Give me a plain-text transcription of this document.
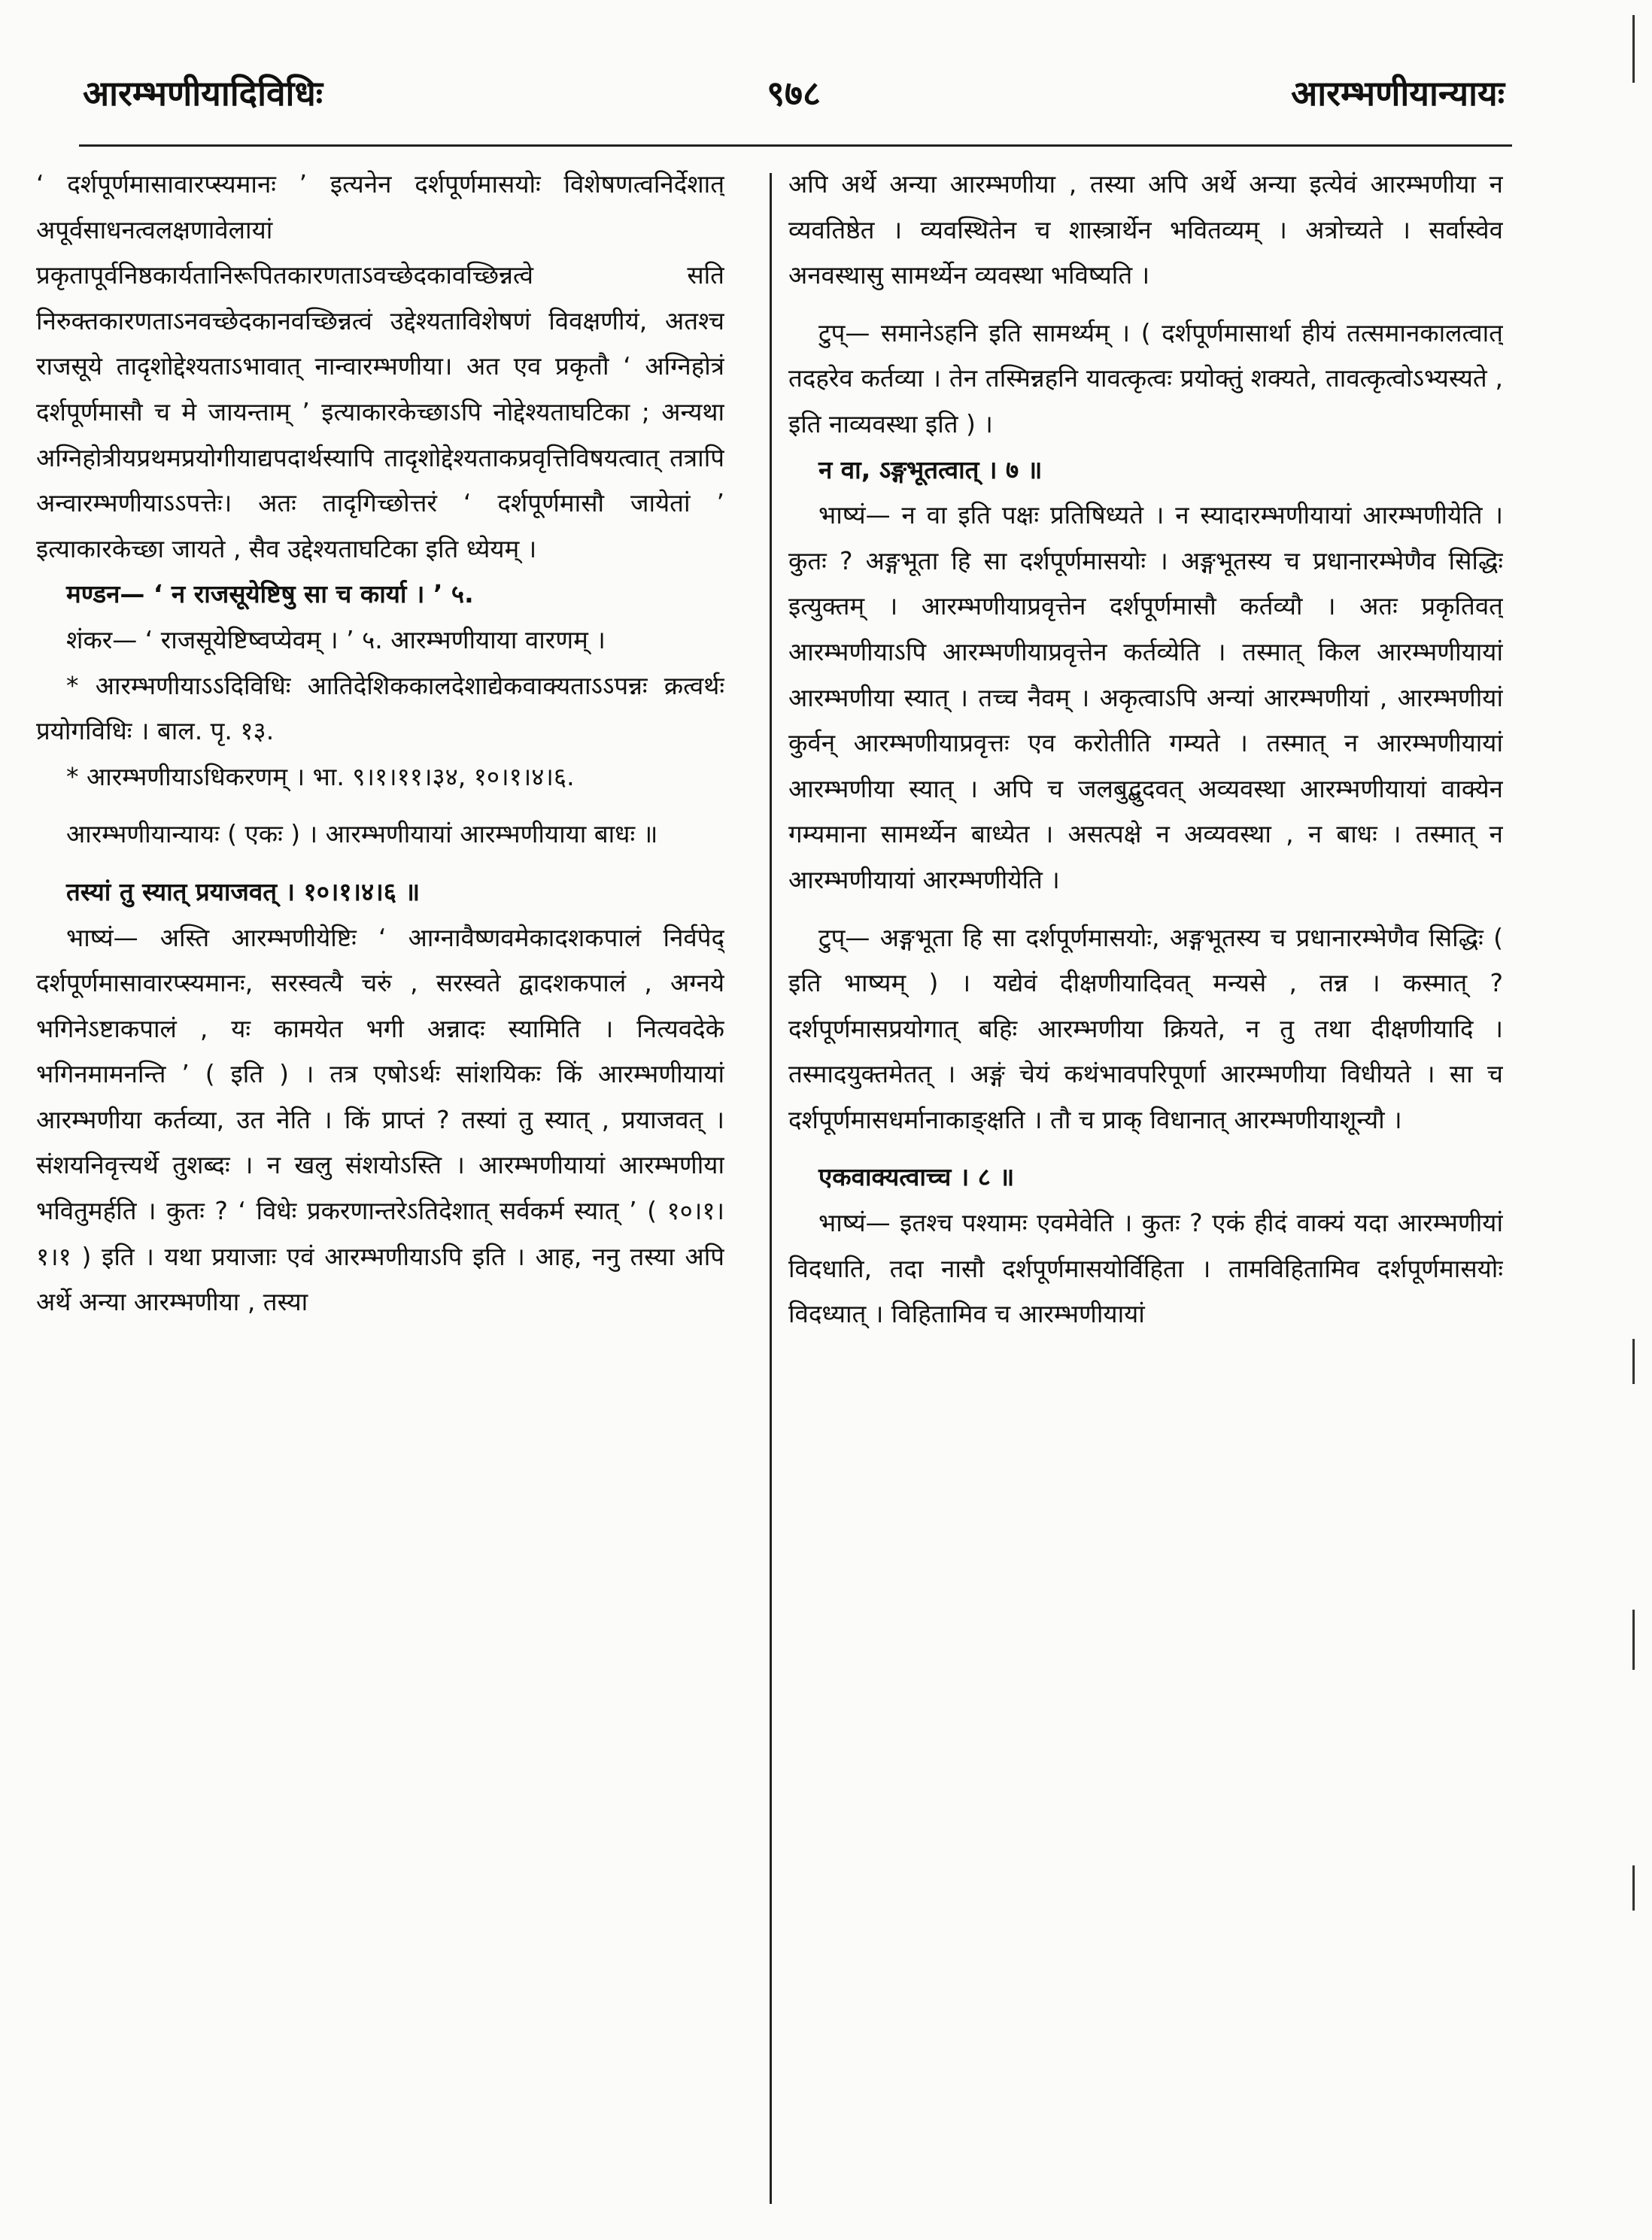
९७८
आरम्भणीयादिविधिः	आरम्भणीयान्यायः

‘ दर्शपूर्णमासावारप्स्यमानः ’ इत्यनेन दर्शपूर्णमासयोः विशेषणत्वनिर्देशात् अपूर्वसाधनत्वलक्षणावेलायां प्रकृतापूर्वनिष्ठकार्यतानिरूपितकारणताऽवच्छेदकावच्छिन्नत्वे सति निरुक्तकारणताऽनवच्छेदकानवच्छिन्नत्वं उद्देश्यताविशेषणं विवक्षणीयं, अतश्च राजसूये तादृशोद्देश्यताऽभावात् नान्वारम्भणीया। अत एव प्रकृतौ ‘ अग्निहोत्रं दर्शपूर्णमासौ च मे जायन्ताम् ’ इत्याकारकेच्छाऽपि नोद्देश्यताघटिका ; अन्यथा अग्निहोत्रीयप्रथमप्रयोगीयाद्यपदार्थस्यापि तादृशोद्देश्यताकप्रवृत्तिविषयत्वात् तत्रापि अन्वारम्भणीयाऽऽपत्तेः। अतः तादृगिच्छोत्तरं ‘ दर्शपूर्णमासौ जायेतां ’ इत्याकारकेच्छा जायते , सैव उद्देश्यताघटिका इति ध्येयम् ।

मण्डन— ‘ न राजसूयेष्टिषु सा च कार्या । ’ ५.

शंकर— ‘ राजसूयेष्टिष्वप्येवम् । ’ ५. आरम्भणीयाया वारणम् ।

* आरम्भणीयाऽऽदिविधिः आतिदेशिककालदेशाद्येकवाक्यताऽऽपन्नः क्रत्वर्थः प्रयोगविधिः । बाल. पृ. १३.

* आरम्भणीयाऽधिकरणम् । भा. ९।१।११।३४, १०।१।४।६.

आरम्भणीयान्यायः ( एकः ) । आरम्भणीयायां आरम्भणीयाया बाधः ॥

तस्यां तु स्यात् प्रयाजवत् । १०।१।४।६ ॥

भाष्यं— अस्ति आरम्भणीयेष्टिः ‘ आग्नावैष्णवमेकादशकपालं निर्वपेद् दर्शपूर्णमासावारप्स्यमानः, सरस्वत्यै चरुं , सरस्वते द्वादशकपालं , अग्नये भगिनेऽष्टाकपालं , यः कामयेत भगी अन्नादः स्यामिति । नित्यवदेके भगिनमामनन्ति ’ ( इति ) । तत्र एषोऽर्थः सांशयिकः किं आरम्भणीयायां आरम्भणीया कर्तव्या, उत नेति । किं प्राप्तं ? तस्यां तु स्यात् , प्रयाजवत् । संशयनिवृत्त्यर्थे तुशब्दः । न खलु संशयोऽस्ति । आरम्भणीयायां आरम्भणीया भवितुमर्हति । कुतः ? ‘ विधेः प्रकरणान्तरेऽतिदेशात् सर्वकर्म स्यात् ’ ( १०।१। १।१ ) इति । यथा प्रयाजाः एवं आरम्भणीयाऽपि इति । आह, ननु तस्या अपि अर्थे अन्या आरम्भणीया , तस्या

अपि अर्थे अन्या आरम्भणीया , तस्या अपि अर्थे अन्या इत्येवं आरम्भणीया न व्यवतिष्ठेत । व्यवस्थितेन च शास्त्रार्थेन भवितव्यम् । अत्रोच्यते । सर्वास्वेव अनवस्थासु सामर्थ्येन व्यवस्था भविष्यति ।

टुप्— समानेऽहनि इति सामर्थ्यम् । ( दर्शपूर्णमासार्था हीयं तत्समानकालत्वात् तदहरेव कर्तव्या । तेन तस्मिन्नहनि यावत्कृत्वः प्रयोक्तुं शक्यते, तावत्कृत्वोऽभ्यस्यते , इति नाव्यवस्था इति ) ।

न वा, ऽङ्गभूतत्वात् । ७ ॥

भाष्यं— न वा इति पक्षः प्रतिषिध्यते । न स्यादारम्भणीयायां आरम्भणीयेति । कुतः ? अङ्गभूता हि सा दर्शपूर्णमासयोः । अङ्गभूतस्य च प्रधानारम्भेणैव सिद्धिः इत्युक्तम् । आरम्भणीयाप्रवृत्तेन दर्शपूर्णमासौ कर्तव्यौ । अतः प्रकृतिवत् आरम्भणीयाऽपि आरम्भणीयाप्रवृत्तेन कर्तव्येति । तस्मात् किल आरम्भणीयायां आरम्भणीया स्यात् । तच्च नैवम् । अकृत्वाऽपि अन्यां आरम्भणीयां , आरम्भणीयां कुर्वन् आरम्भणीयाप्रवृत्तः एव करोतीति गम्यते । तस्मात् न आरम्भणीयायां आरम्भणीया स्यात् । अपि च जलबुद्बुदवत् अव्यवस्था आरम्भणीयायां वाक्येन गम्यमाना सामर्थ्येन बाध्येत । असत्पक्षे न अव्यवस्था , न बाधः । तस्मात् न आरम्भणीयायां आरम्भणीयेति ।

टुप्— अङ्गभूता हि सा दर्शपूर्णमासयोः, अङ्गभूतस्य च प्रधानारम्भेणैव सिद्धिः ( इति भाष्यम् ) । यद्येवं दीक्षणीयादिवत् मन्यसे , तन्न । कस्मात् ? दर्शपूर्णमासप्रयोगात् बहिः आरम्भणीया क्रियते, न तु तथा दीक्षणीयादि । तस्मादयुक्तमेतत् । अङ्गं चेयं कथंभावपरिपूर्णा आरम्भणीया विधीयते । सा च दर्शपूर्णमासधर्मानाकाङ्क्षति । तौ च प्राक् विधानात् आरम्भणीयाशून्यौ ।

एकवाक्यत्वाच्च । ८ ॥

भाष्यं— इतश्च पश्यामः एवमेवेति । कुतः ? एकं हीदं वाक्यं यदा आरम्भणीयां विदधाति, तदा नासौ दर्शपूर्णमासयोर्विहिता । तामविहितामिव दर्शपूर्णमासयोः विदध्यात् । विहितामिव च आरम्भणीयायां
